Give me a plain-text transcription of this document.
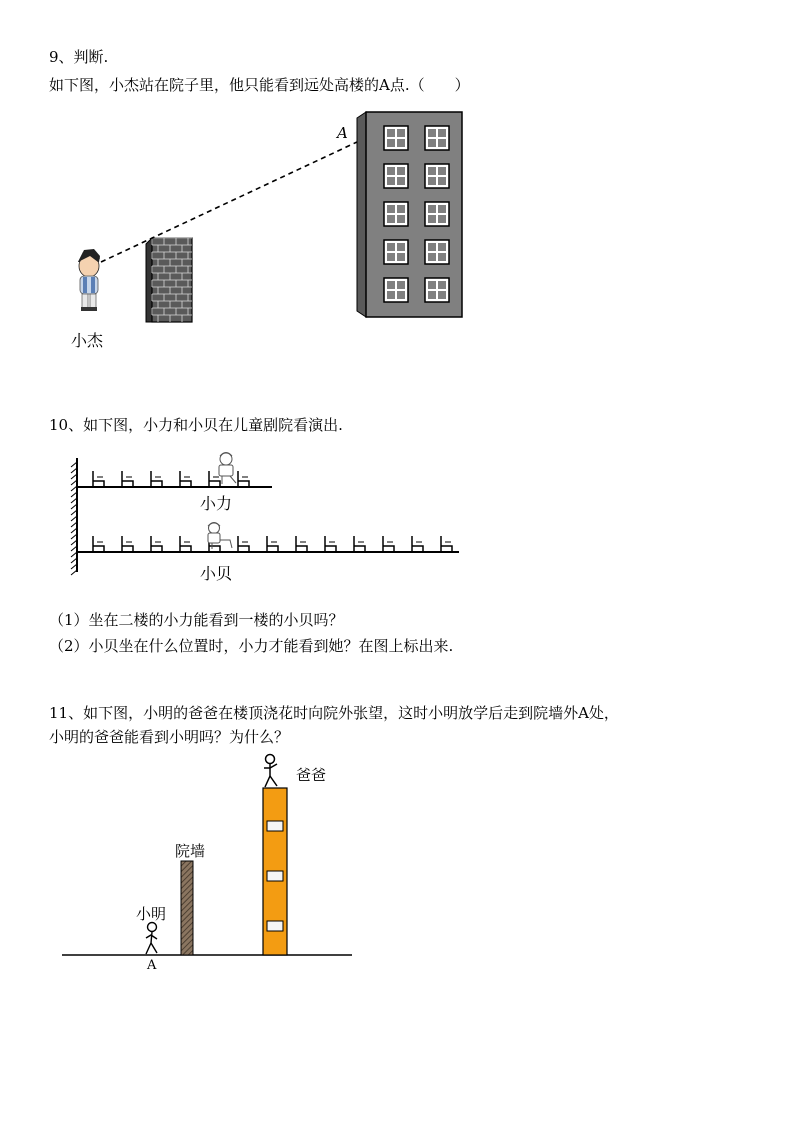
9、判断.
如下图，小杰站在院子里，他只能看到远处高楼的A点.（　　）
A
小杰
10、如下图，小力和小贝在儿童剧院看演出.
小力
小贝
（1）坐在二楼的小力能看到一楼的小贝吗？
（2）小贝坐在什么位置时，小力才能看到她？在图上标出来.
11、如下图，小明的爸爸在楼顶浇花时向院外张望，这时小明放学后走到院墙外A处，
小明的爸爸能看到小明吗？为什么？
爸爸
院墙
小明
A
